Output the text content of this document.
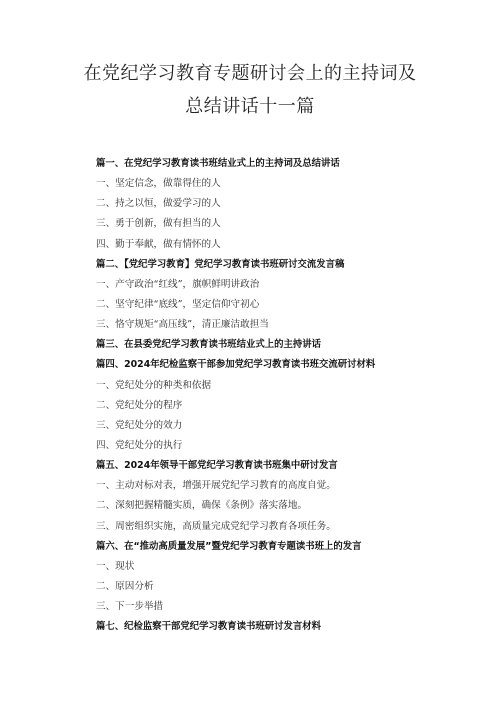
在党纪学习教育专题研讨会上的主持词及
总结讲话十一篇
篇一、在党纪学习教育读书班结业式上的主持词及总结讲话
一、坚定信念，做靠得住的人
二、持之以恒，做爱学习的人
三、勇于创新，做有担当的人
四、勤于奉献，做有情怀的人
篇二、【党纪学习教育】党纪学习教育读书班研讨交流发言稿
一、产守政治“红线”，旗帜鲜明讲政治
二、坚守纪律“底线”，坚定信仰守初心
三、恪守规矩“高压线”，清正廉洁敢担当
篇三、在县委党纪学习教育读书班结业式上的主持讲话
篇四、2024年纪检监察干部参加党纪学习教育读书班交流研讨材料
一、党纪处分的种类和依据
二、党纪处分的程序
三、党纪处分的效力
四、党纪处分的执行
篇五、2024年领导干部党纪学习教育读书班集中研讨发言
一、主动对标对表，增强开展党纪学习教育的高度自觉。
二、深刻把握精髓实质，确保《条例》落实落地。
三、周密组织实施，高质量完成党纪学习教育各项任务。
篇六、在“推动高质量发展”暨党纪学习教育专题读书班上的发言
一、现状
二、原因分析
三、下一步举措
篇七、纪检监察干部党纪学习教育读书班研讨发言材料
